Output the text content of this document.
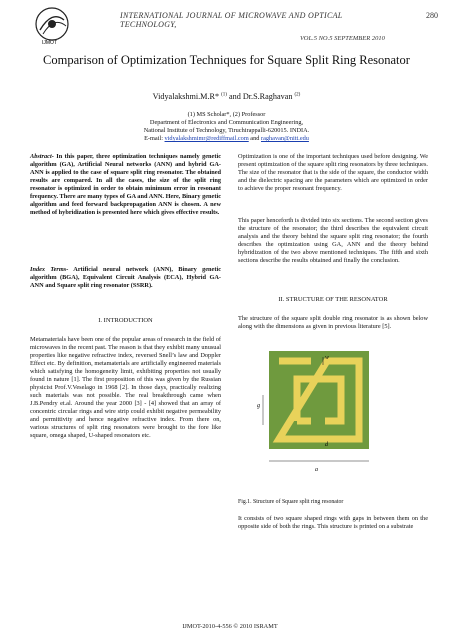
IJMOT
INTERNATIONAL JOURNAL OF MICROWAVE AND OPTICAL TECHNOLOGY,
280
VOL.5 NO.5 SEPTEMBER 2010
Comparison of Optimization Techniques for Square Split Ring Resonator
Vidyalakshmi.M.R* $^{(1)}$ and Dr.S.Raghavan $^{(2)}$
(1) MS Scholar*, (2) Professor
Department of Electronics and Communication Engineering,
National Institute of Technology, Tiruchirappalli-620015. INDIA.
E-mail: vidyalakshmimr@rediffmail.com and raghavan@nitt.edu
Abstract- In this paper, three optimization techniques namely genetic algorithm (GA), Artificial Neural networks (ANN) and hybrid GA-ANN is applied to the case of square split ring resonator. The obtained results are compared. In all the cases, the size of the split ring resonator is optimized in order to obtain minimum error in resonant frequency. There are many types of GA and ANN. Here, Binary genetic algorithm and feed forward backpropagation ANN is chosen. A new method of hybridization is presented here which gives effective results.
Index Terms- Artificial neural network (ANN), Binary genetic algorithm (BGA), Equivalent Circuit Analysis (ECA), Hybrid GA-ANN and Square split ring resonator (SSRR).
I. INTRODUCTION
Metamaterials have been one of the popular areas of research in the field of microwaves in the recent past. The reason is that they exhibit many unusual properties like negative refractive index, reversed Snell’s law and Doppler Effect etc. By definition, metamaterials are artificially engineered materials which satisfying the homogeneity limit, exhibiting properties not usually found in nature [1]. The first proposition of this was given by the Russian physicist Prof.V.Veselago in 1968 [2]. In those days, practically realizing such materials was not possible. The real breakthrough came when J.B.Pendry et.al. Around the year 2000 [3] - [4] showed that an array of concentric circular rings and wire strip could exhibit negative permeability and permittivity and hence negative refractive index. From there on, various structures of split ring resonators were brought to the fore like square, omega shaped, U-shaped resonators etc.
Optimization is one of the important techniques used before designing. We present optimization of the square split ring resonators by three techniques. The size of the resonator that is the side of the square, the conductor width and the dielectric spacing are the parameters which are optimized in order to achieve the proper resonant frequency.
This paper henceforth is divided into six sections. The second section gives the structure of the resonator; the third describes the equivalent circuit analysis and the theory behind the square split ring resonator; the fourth describes the optimization using GA, ANN and the theory behind hybridization of the two above mentioned techniques. The fifth and sixth sections describe the results obtained and finally the conclusion.
II. STRUCTURE OF THE RESONATOR
The structure of the square split double ring resonator is as shown below along with the dimensions as given in previous literature [5].
w
g
d
a
Fig.1. Structure of Square split ring resonator
It consists of two square shaped rings with gaps in between them on the opposite side of both the rings. This structure is printed on a substrate
IJMOT-2010-4-556 © 2010 ISRAMT
